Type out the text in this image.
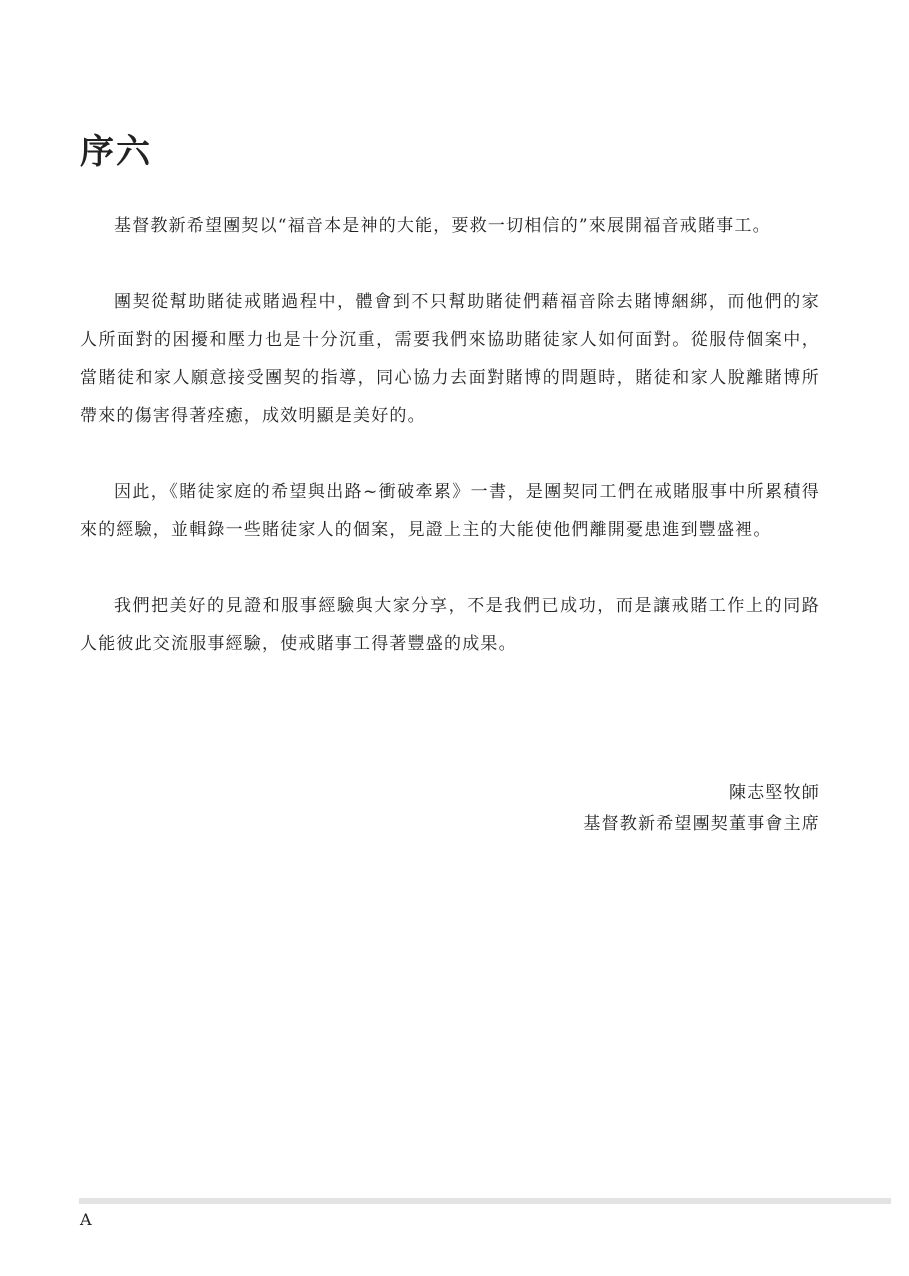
序六

基督教新希望團契以“福音本是神的大能，要救一切相信的”來展開福音戒賭事工。

團契從幫助賭徒戒賭過程中，體會到不只幫助賭徒們藉福音除去賭博綑綁，而他們的家人所面對的困擾和壓力也是十分沉重，需要我們來協助賭徒家人如何面對。從服侍個案中，當賭徒和家人願意接受團契的指導，同心協力去面對賭博的問題時，賭徒和家人脫離賭博所帶來的傷害得著痊癒，成效明顯是美好的。

因此，《賭徒家庭的希望與出路~衝破牽累》一書，是團契同工們在戒賭服事中所累積得來的經驗，並輯錄一些賭徒家人的個案，見證上主的大能使他們離開憂患進到豐盛裡。

我們把美好的見證和服事經驗與大家分享，不是我們已成功，而是讓戒賭工作上的同路人能彼此交流服事經驗，使戒賭事工得著豐盛的成果。

陳志堅牧師
基督教新希望團契董事會主席
A
